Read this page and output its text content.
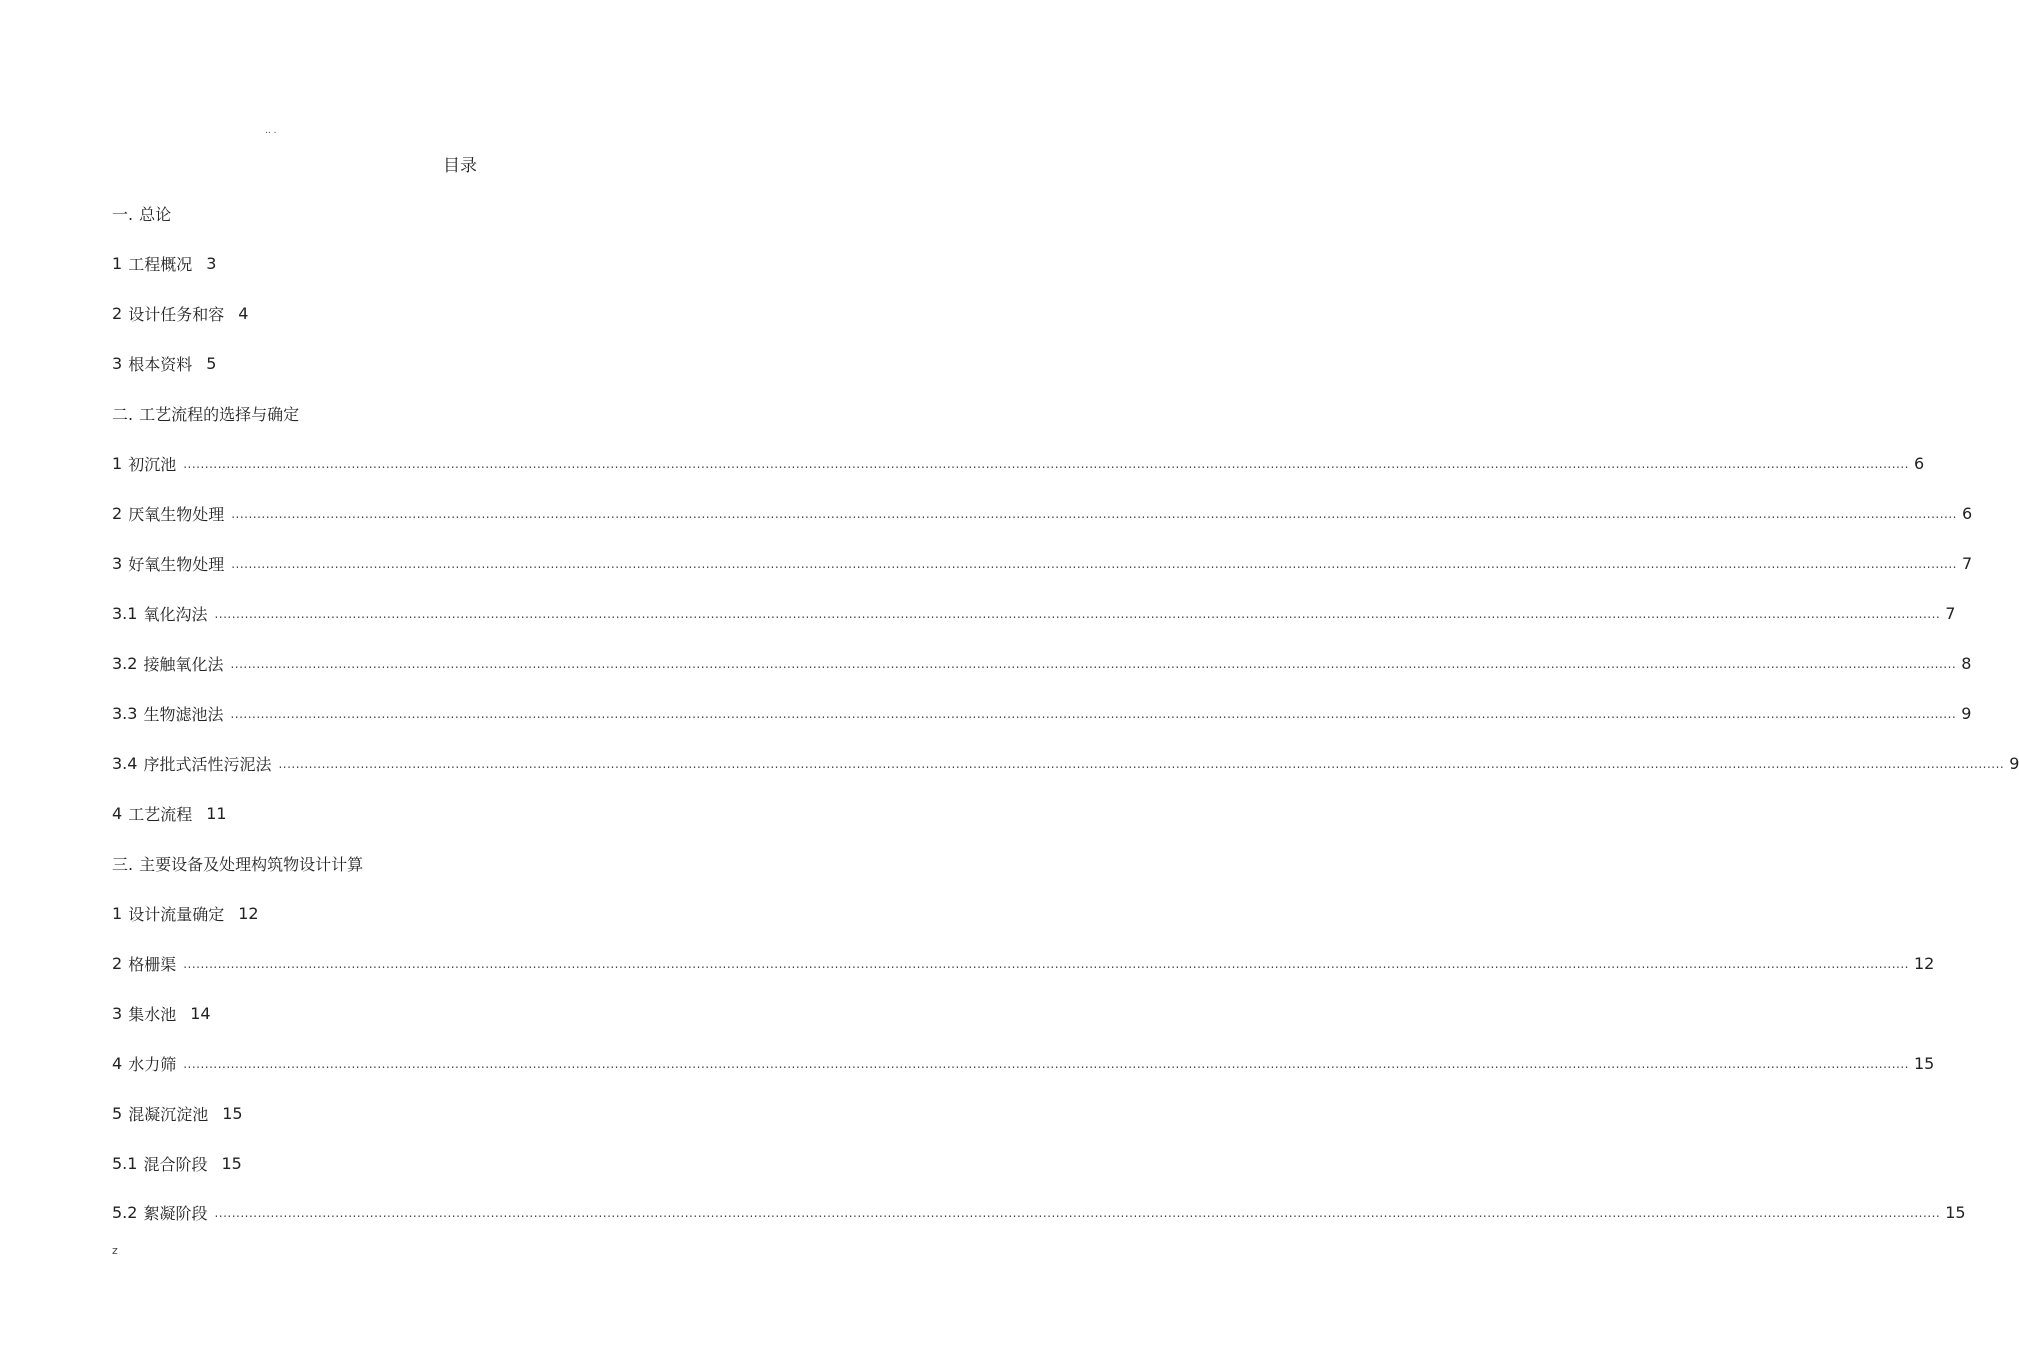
.. .
目录
一. 总论
1 工程概况 3
2 设计任务和容 4
3 根本资料 5
二. 工艺流程的选择与确定
1 初沉池 ................................................................................................................................................................................................................................................................................................................................................................................................................ 6
2 厌氧生物处理 ................................................................................................................................................................................................................................................................................................................................................................................................................ 6
3 好氧生物处理 ................................................................................................................................................................................................................................................................................................................................................................................................................ 7
3.1 氧化沟法 ................................................................................................................................................................................................................................................................................................................................................................................................................ 7
3.2 接触氧化法 ................................................................................................................................................................................................................................................................................................................................................................................................................ 8
3.3 生物滤池法 ................................................................................................................................................................................................................................................................................................................................................................................................................ 9
3.4 序批式活性污泥法 ................................................................................................................................................................................................................................................................................................................................................................................................................ 9
4 工艺流程 11
三. 主要设备及处理构筑物设计计算
1 设计流量确定 12
2 格栅渠 ................................................................................................................................................................................................................................................................................................................................................................................................................ 12
3 集水池 14
4 水力筛 ................................................................................................................................................................................................................................................................................................................................................................................................................ 15
5 混凝沉淀池 15
5.1 混合阶段 15
5.2 絮凝阶段 ................................................................................................................................................................................................................................................................................................................................................................................................................ 15
z
